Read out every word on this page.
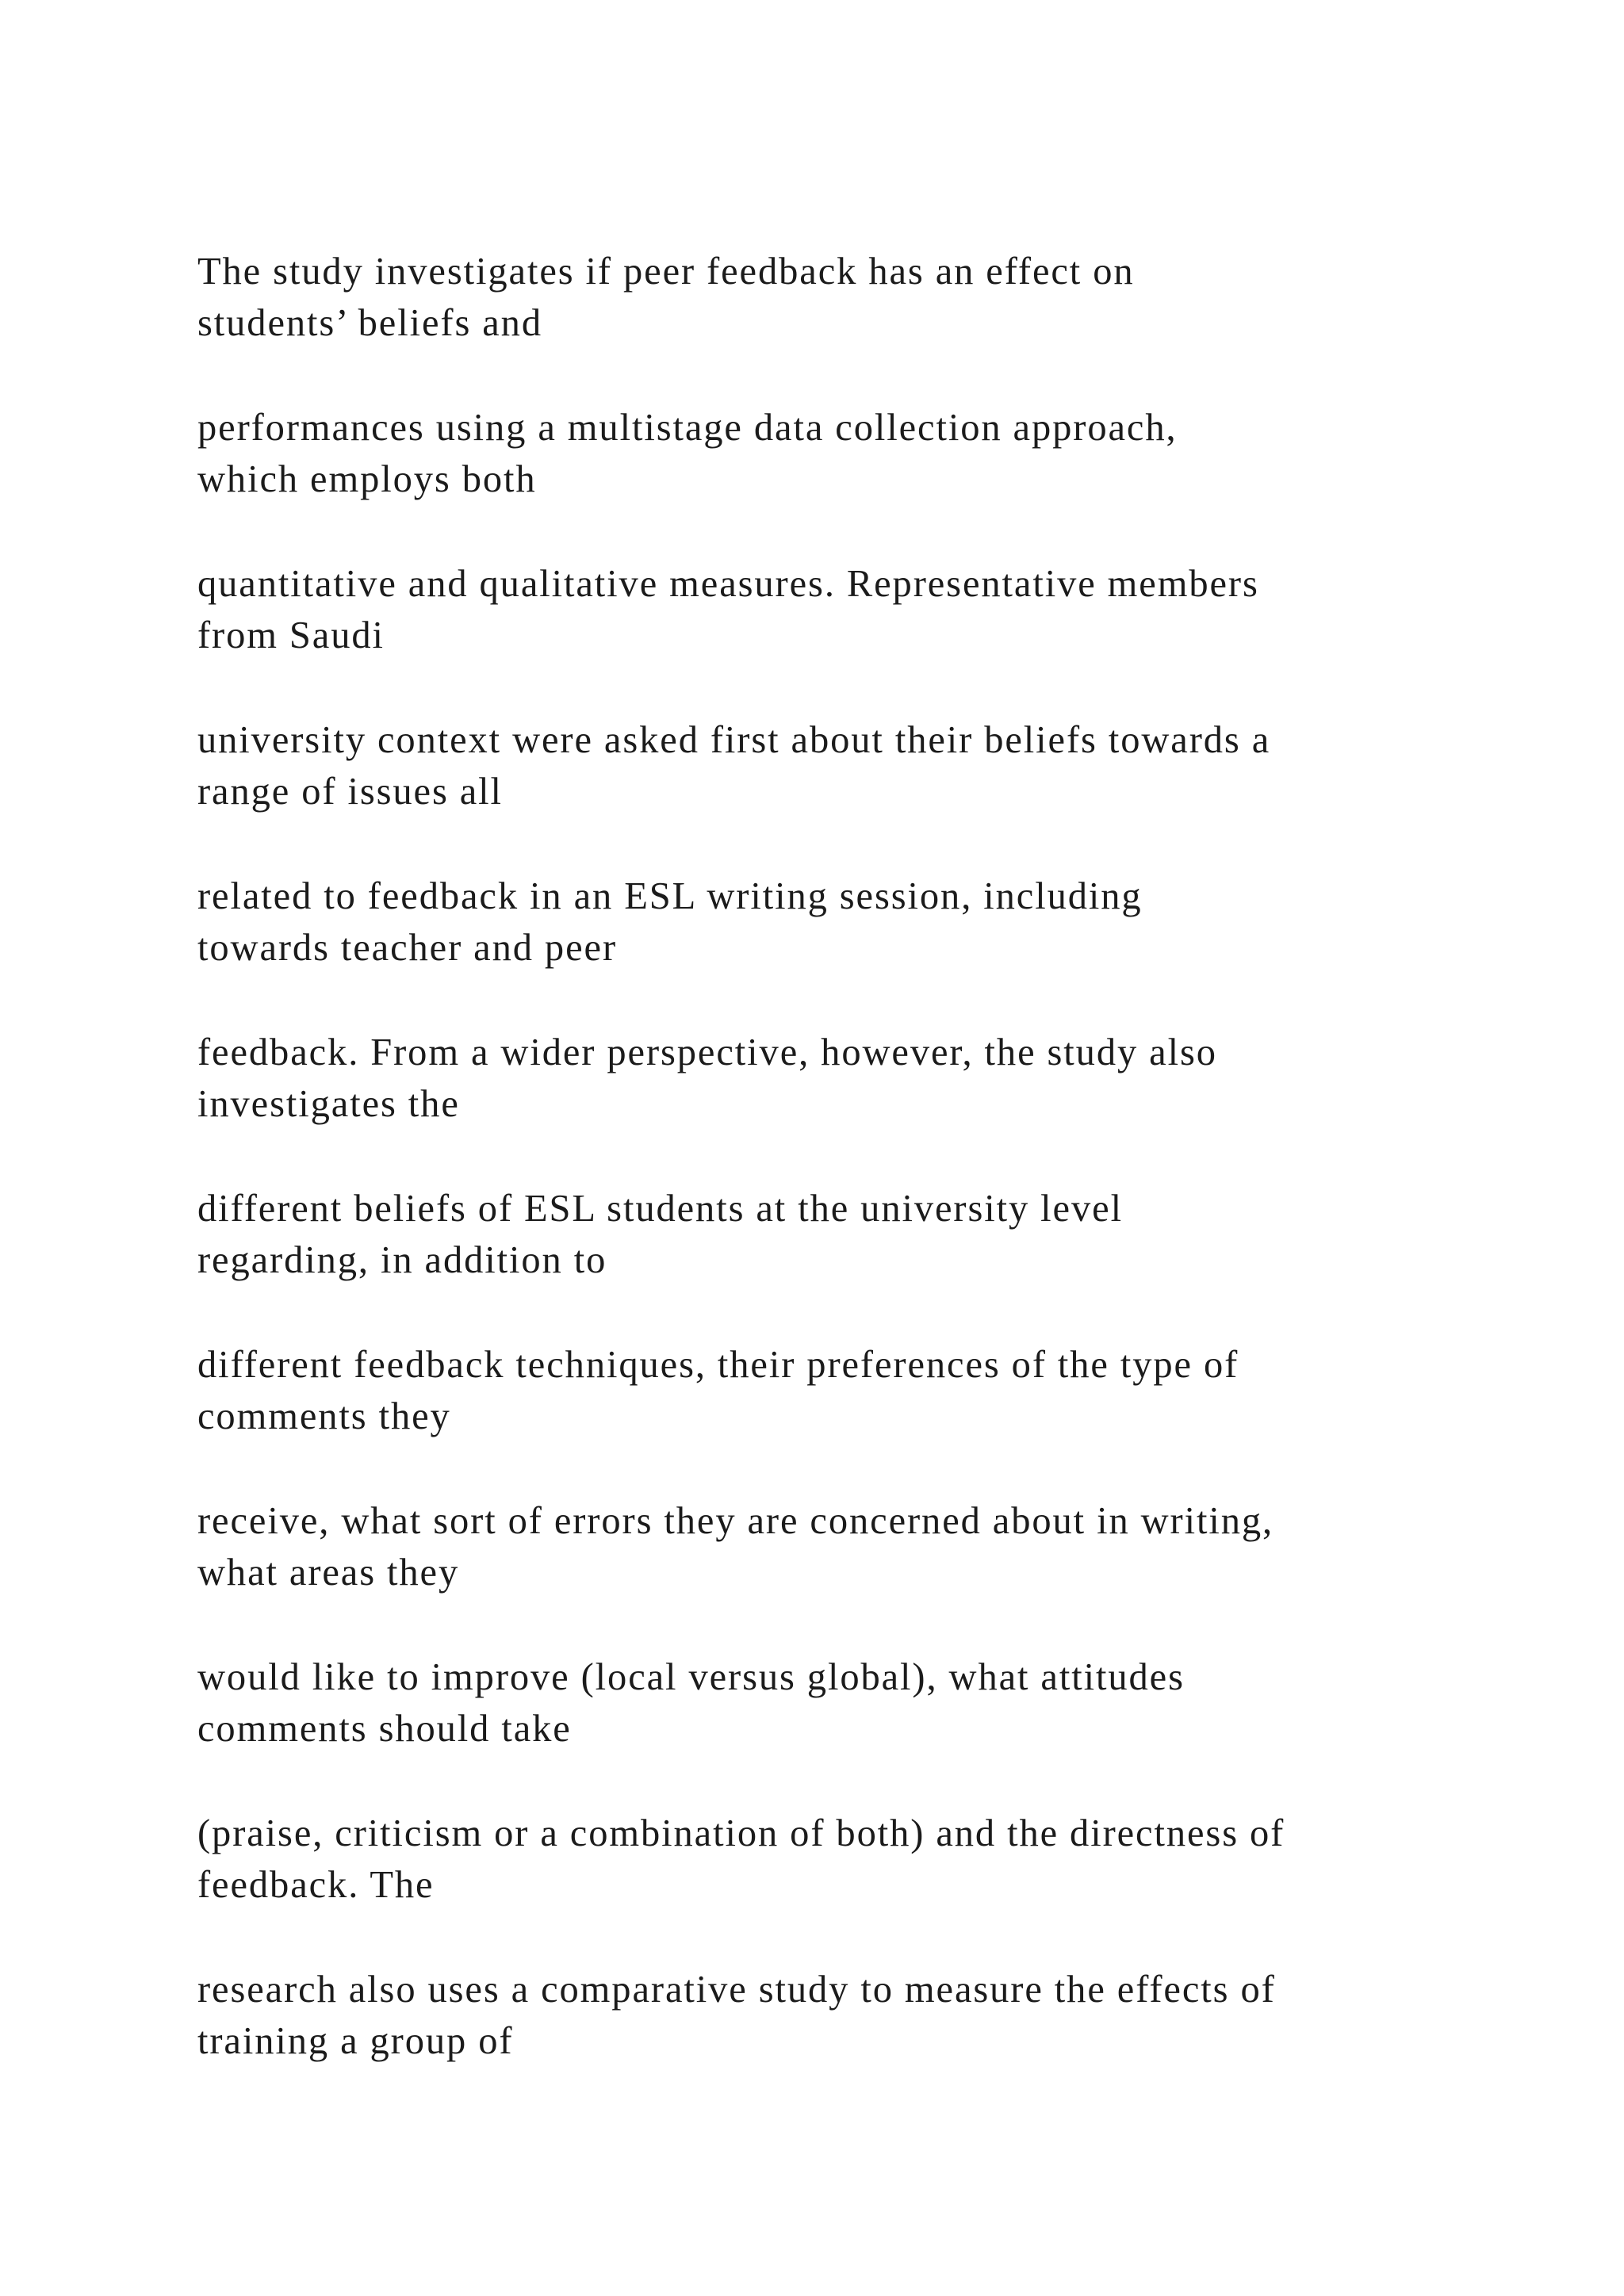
The study investigates if peer feedback has an effect on
students’ beliefs and

performances using a multistage data collection approach,
which employs both

quantitative and qualitative measures. Representative members
from Saudi

university context were asked first about their beliefs towards a
range of issues all

related to feedback in an ESL writing session, including
towards teacher and peer

feedback. From a wider perspective, however, the study also
investigates the

different beliefs of ESL students at the university level
regarding, in addition to

different feedback techniques, their preferences of the type of
comments they

receive, what sort of errors they are concerned about in writing,
what areas they

would like to improve (local versus global), what attitudes
comments should take

(praise, criticism or a combination of both) and the directness of
feedback. The

research also uses a comparative study to measure the effects of
training a group of
